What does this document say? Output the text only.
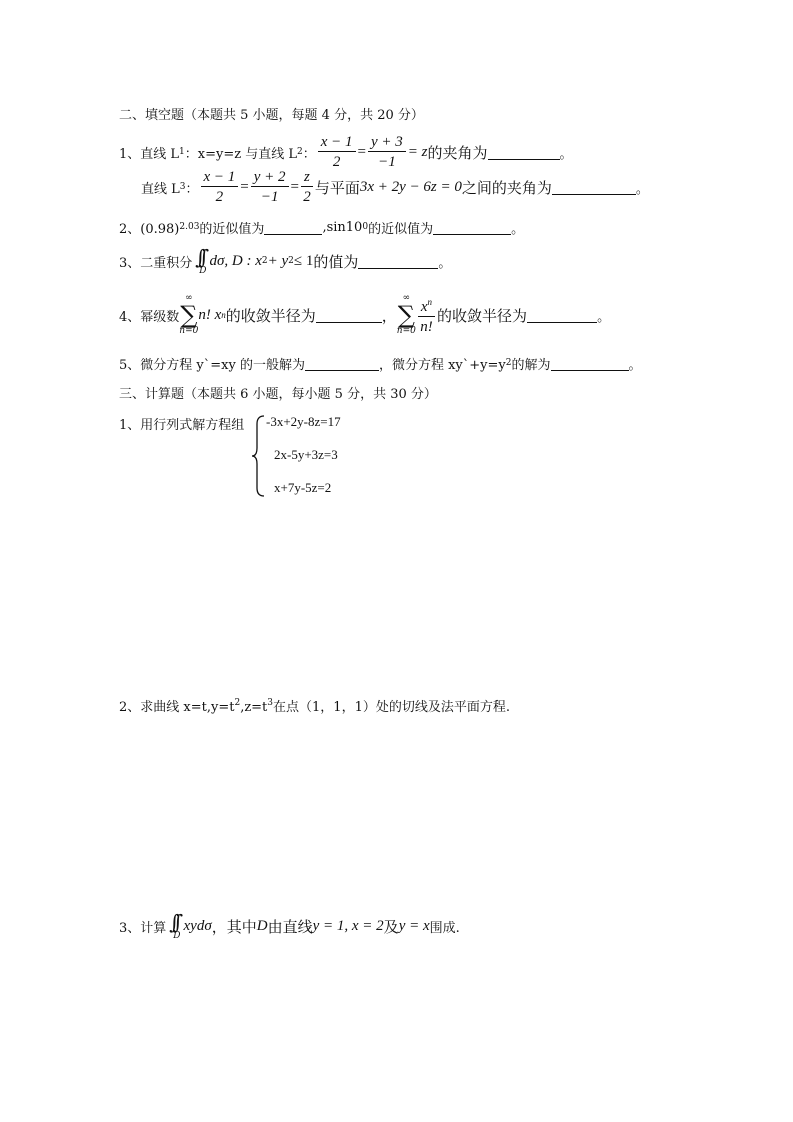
二、填空题（本题共 5 小题，每题 4 分，共 20 分）
1、直线 L 1 ：x=y=z 与直线 L 2 ： $\frac{x - 1}{2} = \frac{y + 3}{-1} = z$ 的夹角为	。
直线 L 3 ： $\frac{x - 1}{2} = \frac{y + 2}{-1} = \frac{z}{2}$ 与平面 3x + 2y − 6z = 0 之间的夹角为	。
2、(0.98) 2.03 的近似值为	,sin10 0 的近似值为	。
3、二重积分 ∫∫
D
dσ, D : x 2 + y 2 ≤ 1 的值为	。
4、幂级数
∞
∑
n=0
n! x n 的收敛半径为	，
∞
∑
$n=0 \frac{x^n}{n!}$ 的收敛半径为	。
5、微分方程 y`=xy 的一般解为	，微分方程 xy`+y=y 2 的解为	。
三、计算题（本题共 6 小题，每小题 5 分，共 30 分）
1、用行列式解方程组 -3x+2y-8z=17
2x-5y+3z=3
x+7y-5z=2
2、求曲线 $x=t,y=t^2,z=t^3$在点（1，1，1）处的切线及法平面方程.
3、计算 ∫∫
D
xydσ ， 其中 D 由直线 y = 1, x = 2 及 y = x 围成.
